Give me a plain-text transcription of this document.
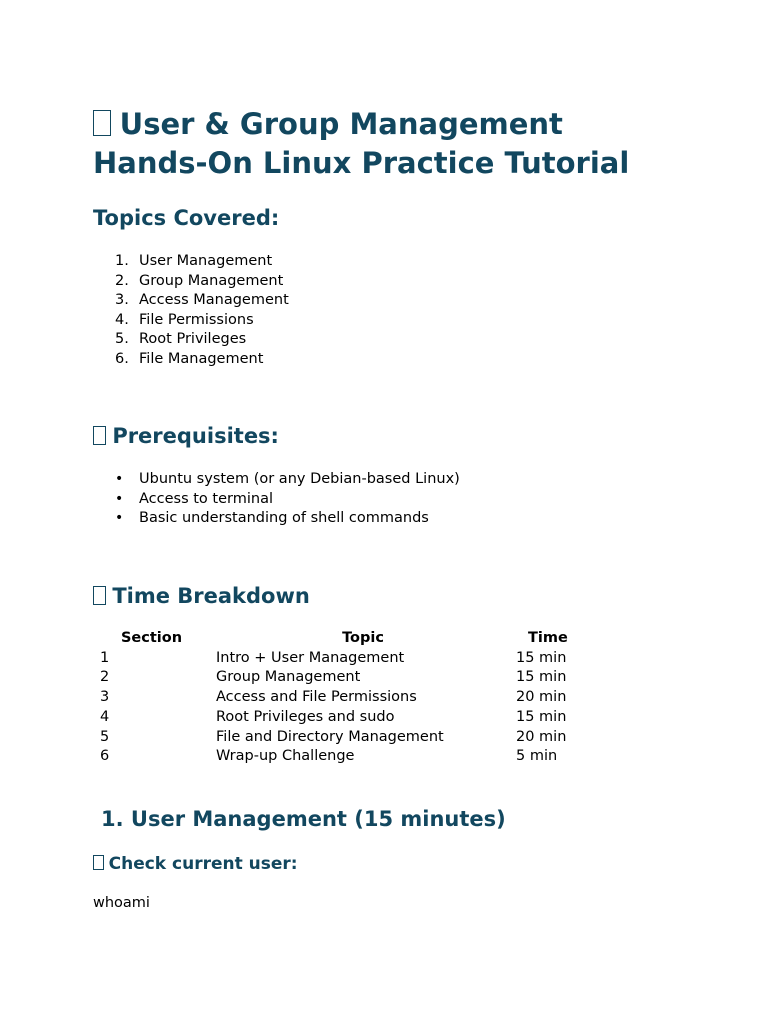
User & Group Management
Hands-On Linux Practice Tutorial
Topics Covered:
1. User Management
2. Group Management
3. Access Management
4. File Permissions
5. Root Privileges
6. File Management
Prerequisites:
• Ubuntu system (or any Debian-based Linux)
• Access to terminal
• Basic understanding of shell commands
Time Breakdown
Section	Topic	Time
1	Intro + User Management	15 min
2	Group Management	15 min
3	Access and File Permissions	20 min
4	Root Privileges and sudo	15 min
5	File and Directory Management	20 min
6	Wrap-up Challenge	5 min
1. User Management (15 minutes)
Check current user:

whoami
